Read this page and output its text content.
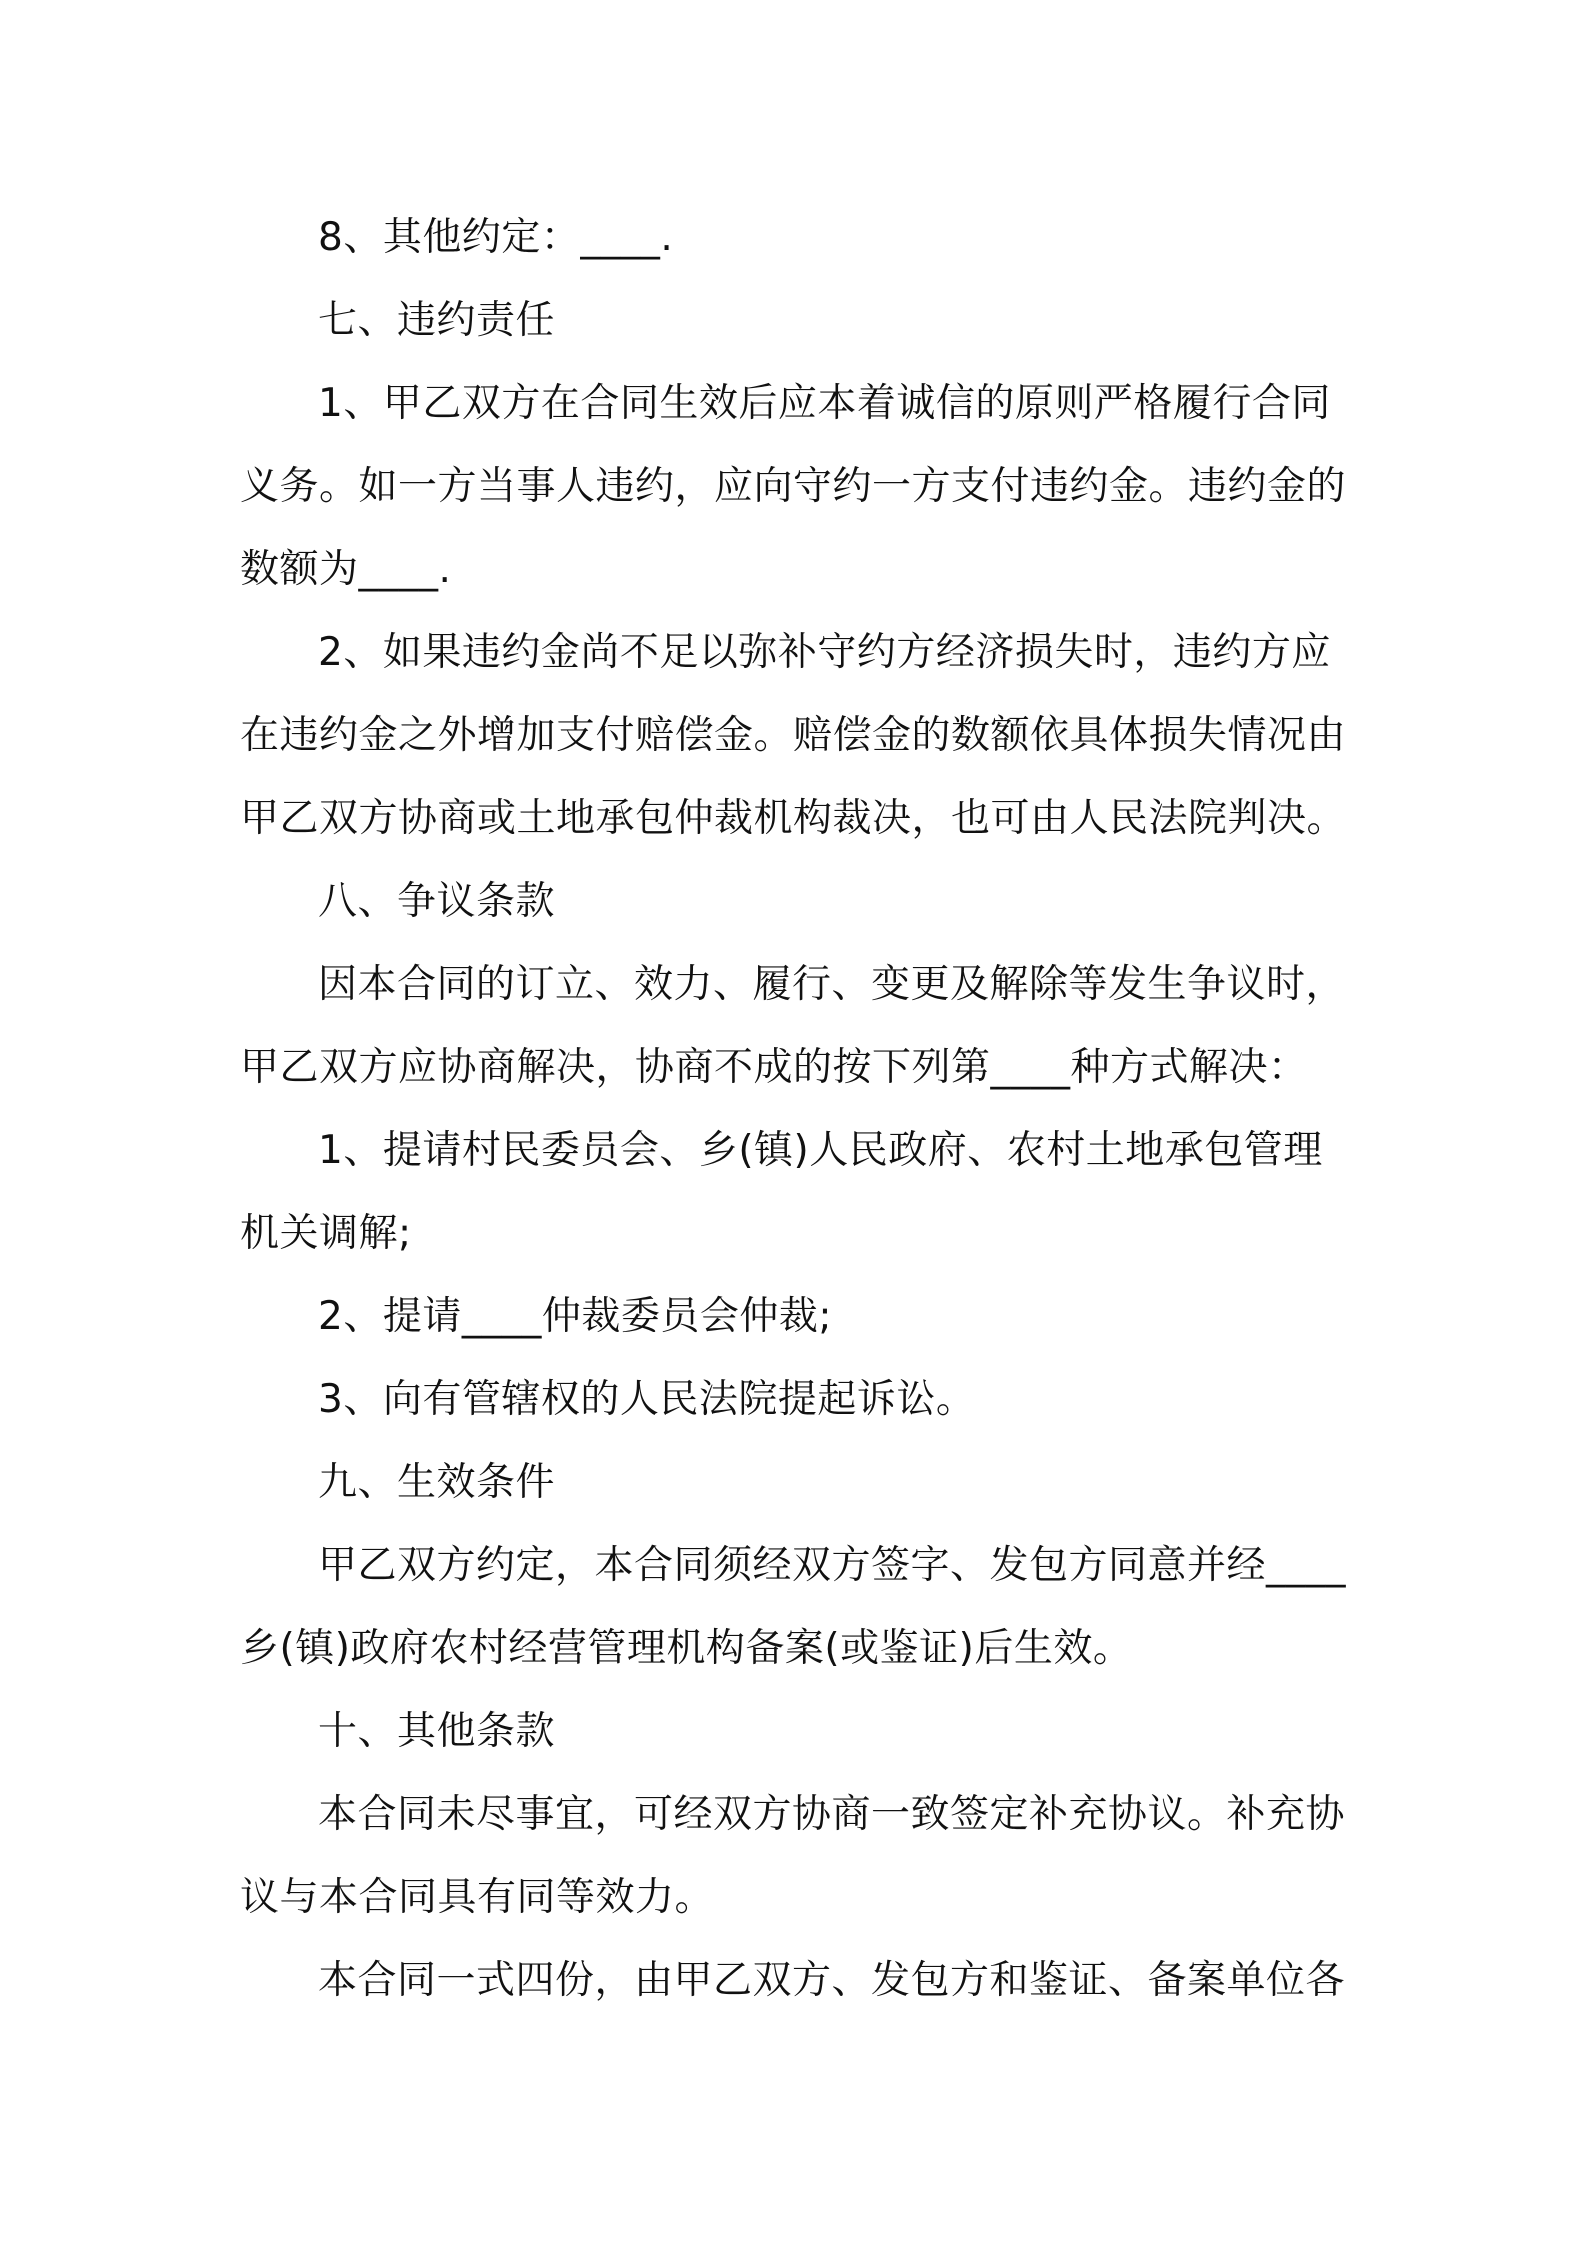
8、其他约定：____.

七、违约责任

1、甲乙双方在合同生效后应本着诚信的原则严格履行合同义务。如一方当事人违约，应向守约一方支付违约金。违约金的数额为____.

2、如果违约金尚不足以弥补守约方经济损失时，违约方应在违约金之外增加支付赔偿金。赔偿金的数额依具体损失情况由甲乙双方协商或土地承包仲裁机构裁决，也可由人民法院判决。

八、争议条款

因本合同的订立、效力、履行、变更及解除等发生争议时，甲乙双方应协商解决，协商不成的按下列第____种方式解决：

1、提请村民委员会、乡(镇)人民政府、农村土地承包管理机关调解;

2、提请____仲裁委员会仲裁;

3、向有管辖权的人民法院提起诉讼。

九、生效条件

甲乙双方约定，本合同须经双方签字、发包方同意并经____乡(镇)政府农村经营管理机构备案(或鉴证)后生效。

十、其他条款

本合同未尽事宜，可经双方协商一致签定补充协议。补充协议与本合同具有同等效力。

本合同一式四份，由甲乙双方、发包方和鉴证、备案单位各
